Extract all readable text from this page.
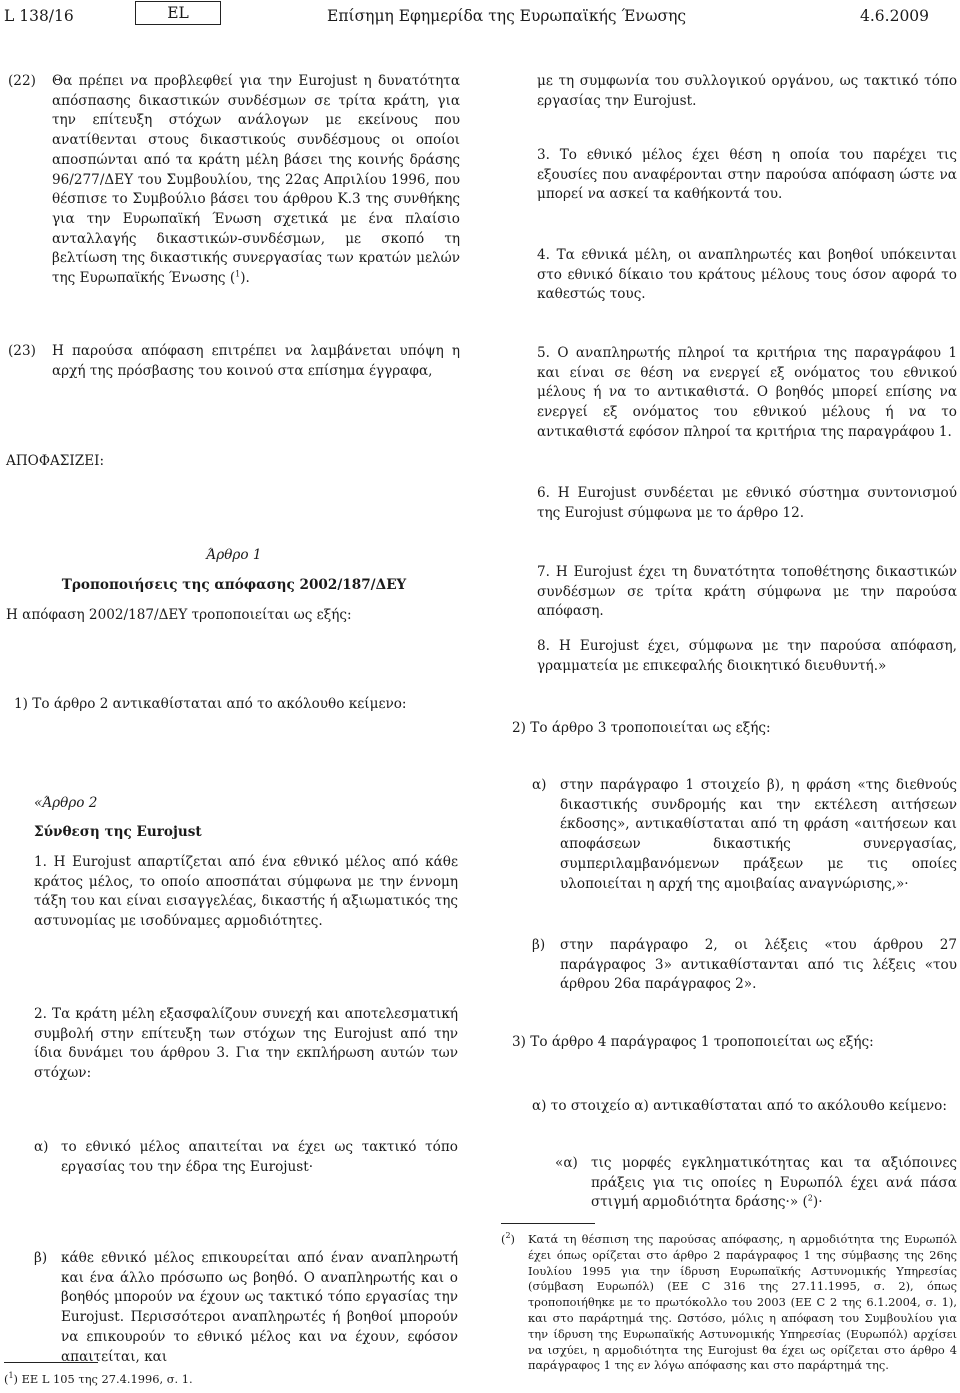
L 138/16	EL	Επίσημη Εφημερίδα της Ευρωπαϊκής Ένωσης	4.6.2009
(22)	Θα πρέπει να προβλεφθεί για την Eurojust η δυνατότητα απόσπασης δικαστικών συνδέσμων σε τρίτα κράτη, για την επίτευξη στόχων ανάλογων με εκείνους που ανατίθενται στους δικαστικούς συνδέσμους οι οποίοι αποσπώνται από τα κράτη μέλη βάσει της κοινής δράσης 96/277/ΔΕΥ του Συμβουλίου, της 22ας Απριλίου 1996, που θέσπισε το Συμβούλιο βάσει του άρθρου Κ.3 της συνθήκης για την Ευρωπαϊκή Ένωση σχετικά με ένα πλαίσιο ανταλλαγής δικαστικών-συνδέσμων, με σκοπό τη βελτίωση της δικαστικής συνεργασίας των κρατών μελών της Ευρωπαϊκής Ένωσης ($^1$).
(23)	Η παρούσα απόφαση επιτρέπει να λαμβάνεται υπόψη η αρχή της πρόσβασης του κοινού στα επίσημα έγγραφα,
ΑΠΟΦΑΣΙΖΕΙ:
Άρθρο 1
Τροποποιήσεις της απόφασης 2002/187/ΔΕΥ
Η απόφαση 2002/187/ΔΕΥ τροποποιείται ως εξής:
1) Το άρθρο 2 αντικαθίσταται από το ακόλουθο κείμενο:
«Άρθρο 2
Σύνθεση της Eurojust
1. Η Eurojust απαρτίζεται από ένα εθνικό μέλος από κάθε κράτος μέλος, το οποίο αποσπάται σύμφωνα με την έννομη τάξη του και είναι εισαγγελέας, δικαστής ή αξιωματικός της αστυνομίας με ισοδύναμες αρμοδιότητες.
2. Τα κράτη μέλη εξασφαλίζουν συνεχή και αποτελεσματική συμβολή στην επίτευξη των στόχων της Eurojust από την ίδια δυνάμει του άρθρου 3. Για την εκπλήρωση αυτών των στόχων:
α) το εθνικό μέλος απαιτείται να έχει ως τακτικό τόπο εργασίας του την έδρα της Eurojust·
β)	κάθε εθνικό μέλος επικουρείται από έναν αναπληρωτή και ένα άλλο πρόσωπο ως βοηθό. Ο αναπληρωτής και ο βοηθός μπορούν να έχουν ως τακτικό τόπο εργασίας την Eurojust. Περισσότεροι αναπληρωτές ή βοηθοί μπορούν να επικουρούν το εθνικό μέλος και να έχουν, εφόσον απαιτείται, και
($^1$) ΕΕ L 105 της 27.4.1996, σ. 1.
με τη συμφωνία του συλλογικού οργάνου, ως τακτικό τόπο εργασίας την Eurojust.
3. Το εθνικό μέλος έχει θέση η οποία του παρέχει τις εξουσίες που αναφέρονται στην παρούσα απόφαση ώστε να μπορεί να ασκεί τα καθήκοντά του.
4. Τα εθνικά μέλη, οι αναπληρωτές και βοηθοί υπόκεινται στο εθνικό δίκαιο του κράτους μέλους τους όσον αφορά το καθεστώς τους.
5. Ο αναπληρωτής πληροί τα κριτήρια της παραγράφου 1 και είναι σε θέση να ενεργεί εξ ονόματος του εθνικού μέλους ή να το αντικαθιστά. Ο βοηθός μπορεί επίσης να ενεργεί εξ ονόματος του εθνικού μέλους ή να το αντικαθιστά εφόσον πληροί τα κριτήρια της παραγράφου 1.
6. Η Eurojust συνδέεται με εθνικό σύστημα συντονισμού της Eurojust σύμφωνα με το άρθρο 12.
7. Η Eurojust έχει τη δυνατότητα τοποθέτησης δικαστικών συνδέσμων σε τρίτα κράτη σύμφωνα με την παρούσα απόφαση.
8. Η Eurojust έχει, σύμφωνα με την παρούσα απόφαση, γραμματεία με επικεφαλής διοικητικό διευθυντή.»
2) Το άρθρο 3 τροποποιείται ως εξής:
α) στην παράγραφο 1 στοιχείο β), η φράση «της διεθνούς δικαστικής συνδρομής και την εκτέλεση αιτήσεων έκδοσης», αντικαθίσταται από τη φράση «αιτήσεων και αποφάσεων δικαστικής συνεργασίας, συμπεριλαμβανόμενων πράξεων με τις οποίες υλοποιείται η αρχή της αμοιβαίας αναγνώρισης,»·
β)	στην παράγραφο 2, οι λέξεις «του άρθρου 27 παράγραφος 3» αντικαθίστανται από τις λέξεις «του άρθρου 26α παράγραφος 2».
3) Το άρθρο 4 παράγραφος 1 τροποποιείται ως εξής:
α) το στοιχείο α) αντικαθίσταται από το ακόλουθο κείμενο:
«α) τις μορφές εγκληματικότητας και τα αξιόποινες πράξεις για τις οποίες η Ευρωπόλ έχει ανά πάσα στιγμή αρμοδιότητα δράσης·» ($^2$)·
($^2$)	Κατά τη θέσπιση της παρούσας απόφασης, η αρμοδιότητα της Ευρωπόλ έχει όπως ορίζεται στο άρθρο 2 παράγραφος 1 της σύμβασης της 26ης Ιουλίου 1995 για την ίδρυση Ευρωπαϊκής Αστυνομικής Υπηρεσίας (σύμβαση Ευρωπόλ) (ΕΕ C 316 της 27.11.1995, σ. 2), όπως τροποποιήθηκε με το πρωτόκολλο του 2003 (ΕΕ C 2 της 6.1.2004, σ. 1), και στο παράρτημά της. Ωστόσο, μόλις η απόφαση του Συμβουλίου για την ίδρυση της Ευρωπαϊκής Αστυνομικής Υπηρεσίας (Ευρωπόλ) αρχίσει να ισχύει, η αρμοδιότητα της Eurojust θα έχει ως ορίζεται στο άρθρο 4 παράγραφος 1 της εν λόγω απόφασης και στο παράρτημά της.
